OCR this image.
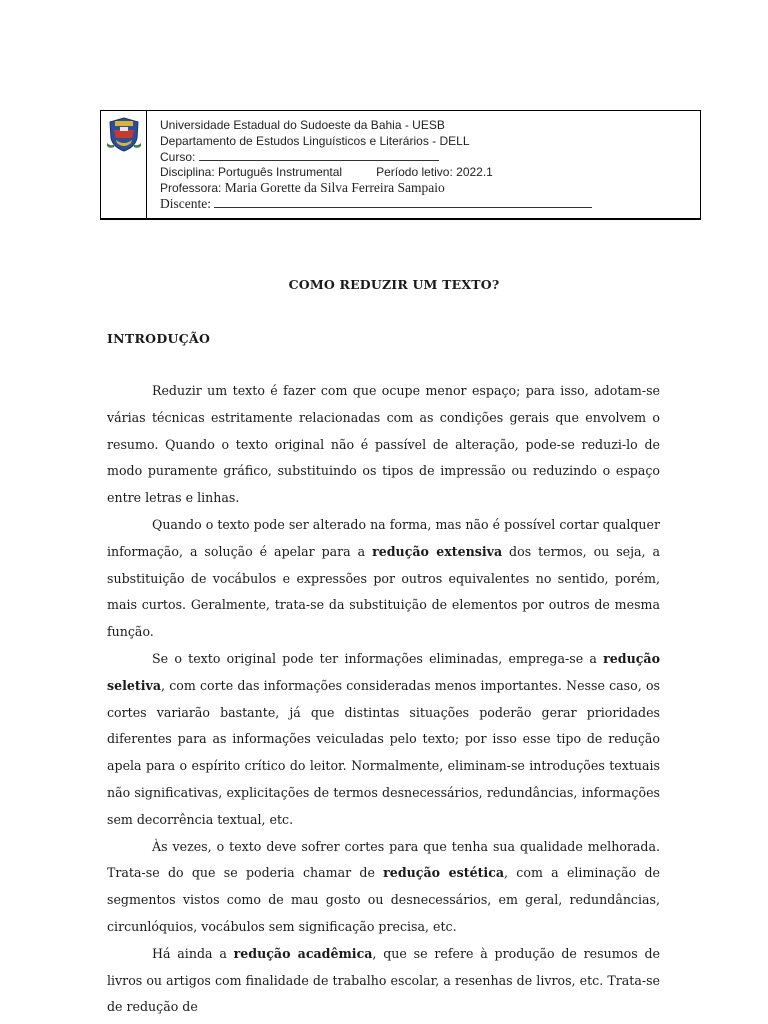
Universidade Estadual do Sudoeste da Bahia - UESB
Departamento de Estudos Linguísticos e Literários - DELL
Curso:
Disciplina: Português Instrumental	Período letivo: 2022.1
Professora: Maria Gorette da Silva Ferreira Sampaio
Discente:
COMO REDUZIR UM TEXTO?
INTRODUÇÃO

Reduzir um texto é fazer com que ocupe menor espaço; para isso, adotam-se várias técnicas estritamente relacionadas com as condições gerais que envolvem o resumo. Quando o texto original não é passível de alteração, pode-se reduzi-lo de modo puramente gráfico, substituindo os tipos de impressão ou reduzindo o espaço entre letras e linhas.

Quando o texto pode ser alterado na forma, mas não é possível cortar qualquer informação, a solução é apelar para a redução extensiva dos termos, ou seja, a substituição de vocábulos e expressões por outros equivalentes no sentido, porém, mais curtos. Geralmente, trata-se da substituição de elementos por outros de mesma função.

Se o texto original pode ter informações eliminadas, emprega-se a redução seletiva, com corte das informações consideradas menos importantes. Nesse caso, os cortes variarão bastante, já que distintas situações poderão gerar prioridades diferentes para as informações veiculadas pelo texto; por isso esse tipo de redução apela para o espírito crítico do leitor. Normalmente, eliminam-se introduções textuais não significativas, explicitações de termos desnecessários, redundâncias, informações sem decorrência textual, etc.

Às vezes, o texto deve sofrer cortes para que tenha sua qualidade melhorada. Trata-se do que se poderia chamar de redução estética, com a eliminação de segmentos vistos como de mau gosto ou desnecessários, em geral, redundâncias, circunlóquios, vocábulos sem significação precisa, etc.

Há ainda a redução acadêmica, que se refere à produção de resumos de livros ou artigos com finalidade de trabalho escolar, a resenhas de livros, etc. Trata-se de redução de
